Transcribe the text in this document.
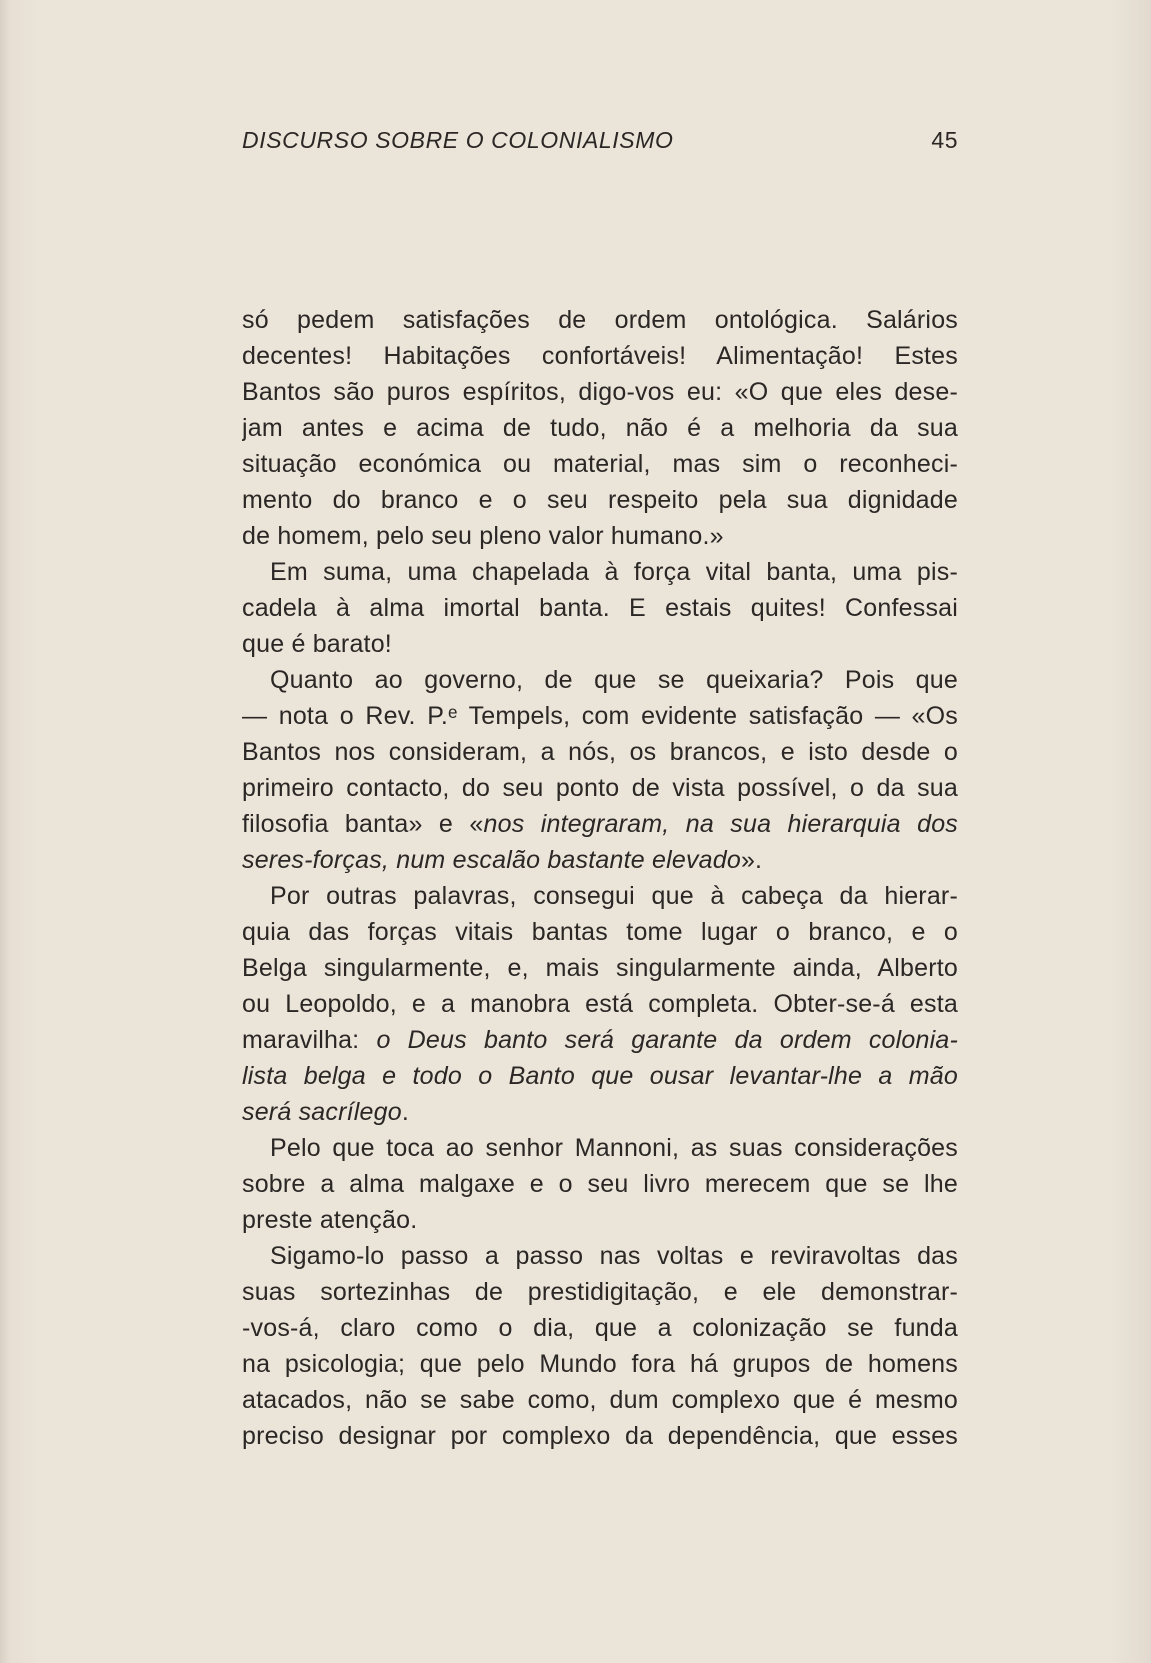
DISCURSO SOBRE O COLONIALISMO	45
só pedem satisfações de ordem ontológica. Salários
decentes! Habitações confortáveis! Alimentação! Estes
Bantos são puros espíritos, digo-vos eu: «O que eles dese-
jam antes e acima de tudo, não é a melhoria da sua
situação económica ou material, mas sim o reconheci-
mento do branco e o seu respeito pela sua dignidade
de homem, pelo seu pleno valor humano.»
Em suma, uma chapelada à força vital banta, uma pis-
cadela à alma imortal banta. E estais quites! Confessai
que é barato!
Quanto ao governo, de que se queixaria? Pois que
— nota o Rev. P.ᵉ Tempels, com evidente satisfação — «Os
Bantos nos consideram, a nós, os brancos, e isto desde o
primeiro contacto, do seu ponto de vista possível, o da sua
filosofia banta» e «nos integraram, na sua hierarquia dos
seres-forças, num escalão bastante elevado».
Por outras palavras, consegui que à cabeça da hierar-
quia das forças vitais bantas tome lugar o branco, e o
Belga singularmente, e, mais singularmente ainda, Alberto
ou Leopoldo, e a manobra está completa. Obter-se-á esta
maravilha: o Deus banto será garante da ordem colonia-
lista belga e todo o Banto que ousar levantar-lhe a mão
será sacrílego.
Pelo que toca ao senhor Mannoni, as suas considerações
sobre a alma malgaxe e o seu livro merecem que se lhe
preste atenção.
Sigamo-lo passo a passo nas voltas e reviravoltas das
suas sortezinhas de prestidigitação, e ele demonstrar-
-vos-á, claro como o dia, que a colonização se funda
na psicologia; que pelo Mundo fora há grupos de homens
atacados, não se sabe como, dum complexo que é mesmo
preciso designar por complexo da dependência, que esses
